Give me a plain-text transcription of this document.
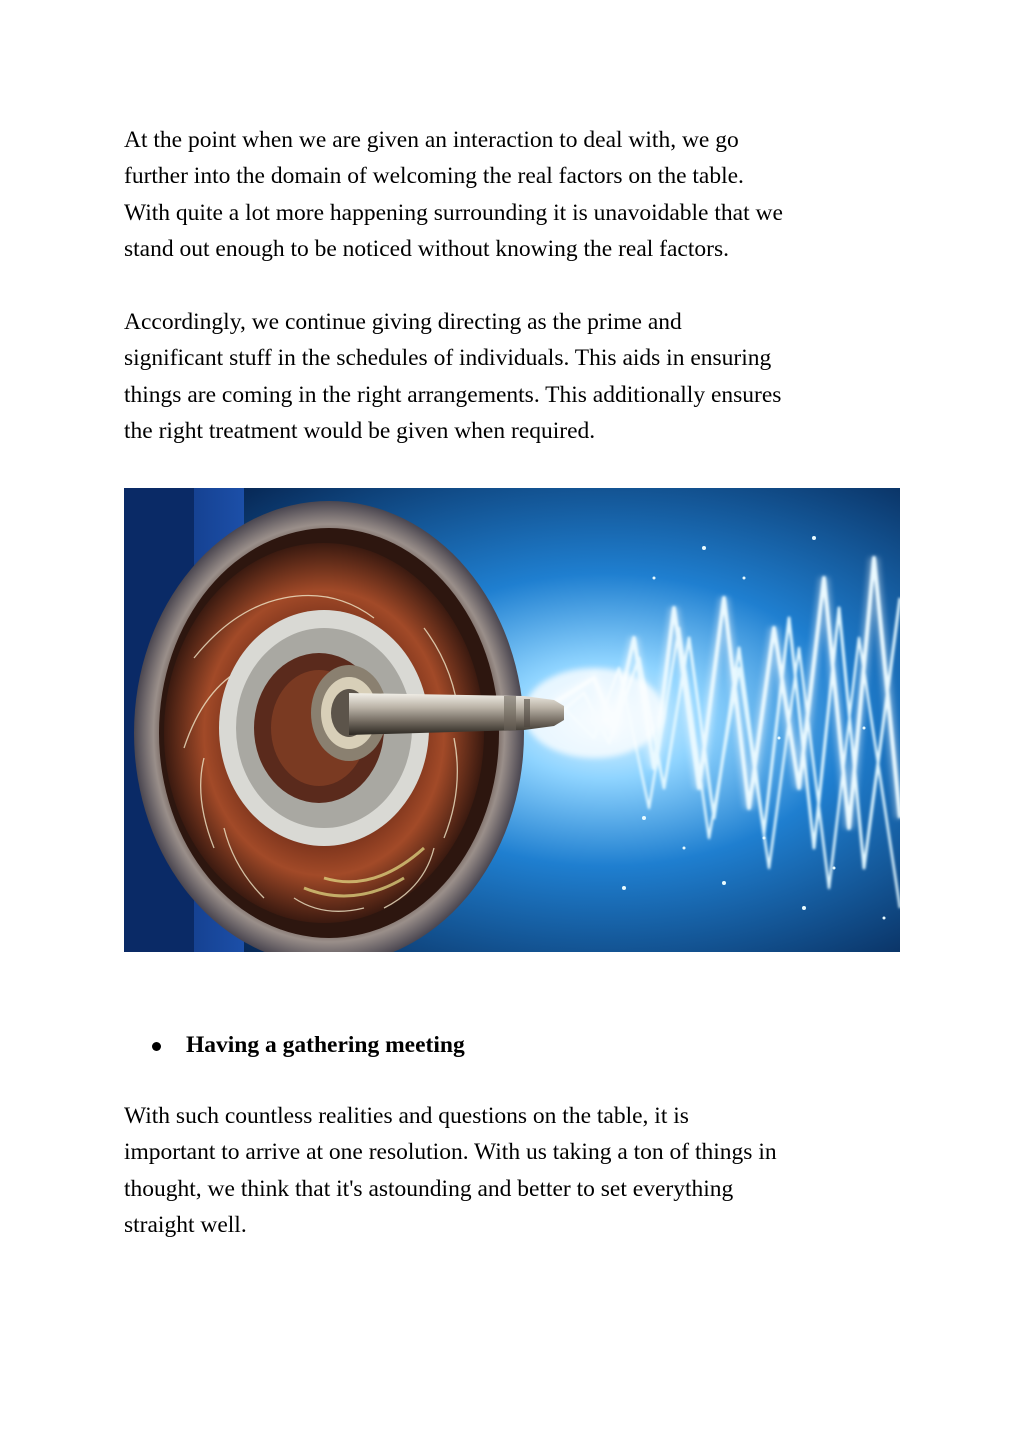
At the point when we are given an interaction to deal with, we go
further into the domain of welcoming the real factors on the table.
With quite a lot more happening surrounding it is unavoidable that we
stand out enough to be noticed without knowing the real factors.
Accordingly, we continue giving directing as the prime and
significant stuff in the schedules of individuals. This aids in ensuring
things are coming in the right arrangements. This additionally ensures
the right treatment would be given when required.
Having a gathering meeting
With such countless realities and questions on the table, it is
important to arrive at one resolution. With us taking a ton of things in
thought, we think that it's astounding and better to set everything
straight well.
